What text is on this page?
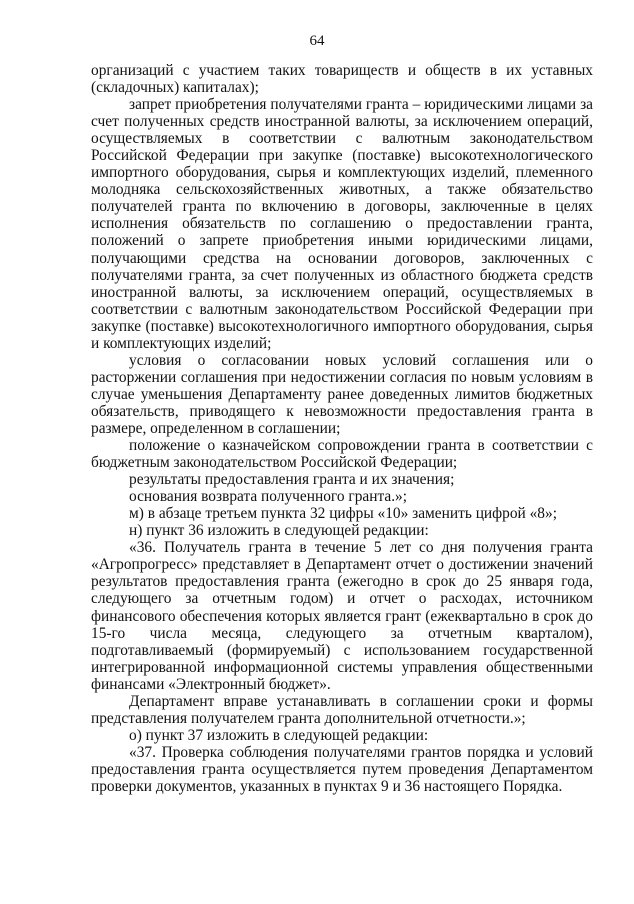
64

организаций с участием таких товариществ и обществ в их уставных (складочных) капиталах);

запрет приобретения получателями гранта – юридическими лицами за счет полученных средств иностранной валюты, за исключением операций, осуществляемых в соответствии с валютным законодательством Российской Федерации при закупке (поставке) высокотехнологического импортного оборудования, сырья и комплектующих изделий, племенного молодняка сельскохозяйственных животных, а также обязательство получателей гранта по включению в договоры, заключенные в целях исполнения обязательств по соглашению о предоставлении гранта, положений о запрете приобретения иными юридическими лицами, получающими средства на основании договоров, заключенных с получателями гранта, за счет полученных из областного бюджета средств иностранной валюты, за исключением операций, осуществляемых в соответствии с валютным законодательством Российской Федерации при закупке (поставке) высокотехнологичного импортного оборудования, сырья и комплектующих изделий;

условия о согласовании новых условий соглашения или о расторжении соглашения при недостижении согласия по новым условиям в случае уменьшения Департаменту ранее доведенных лимитов бюджетных обязательств, приводящего к невозможности предоставления гранта в размере, определенном в соглашении;

положение о казначейском сопровождении гранта в соответствии с бюджетным законодательством Российской Федерации;

результаты предоставления гранта и их значения;

основания возврата полученного гранта.»;

м) в абзаце третьем пункта 32 цифры «10» заменить цифрой «8»;

н) пункт 36 изложить в следующей редакции:

«36. Получатель гранта в течение 5 лет со дня получения гранта «Агропрогресс» представляет в Департамент отчет о достижении значений результатов предоставления гранта (ежегодно в срок до 25 января года, следующего за отчетным годом) и отчет о расходах, источником финансового обеспечения которых является грант (ежеквартально в срок до 15-го числа месяца, следующего за отчетным кварталом), подготавливаемый (формируемый) с использованием государственной интегрированной информационной системы управления общественными финансами «Электронный бюджет».

Департамент вправе устанавливать в соглашении сроки и формы представления получателем гранта дополнительной отчетности.»;

о) пункт 37 изложить в следующей редакции:

«37. Проверка соблюдения получателями грантов порядка и условий предоставления гранта осуществляется путем проведения Департаментом проверки документов, указанных в пунктах 9 и 36 настоящего Порядка.
